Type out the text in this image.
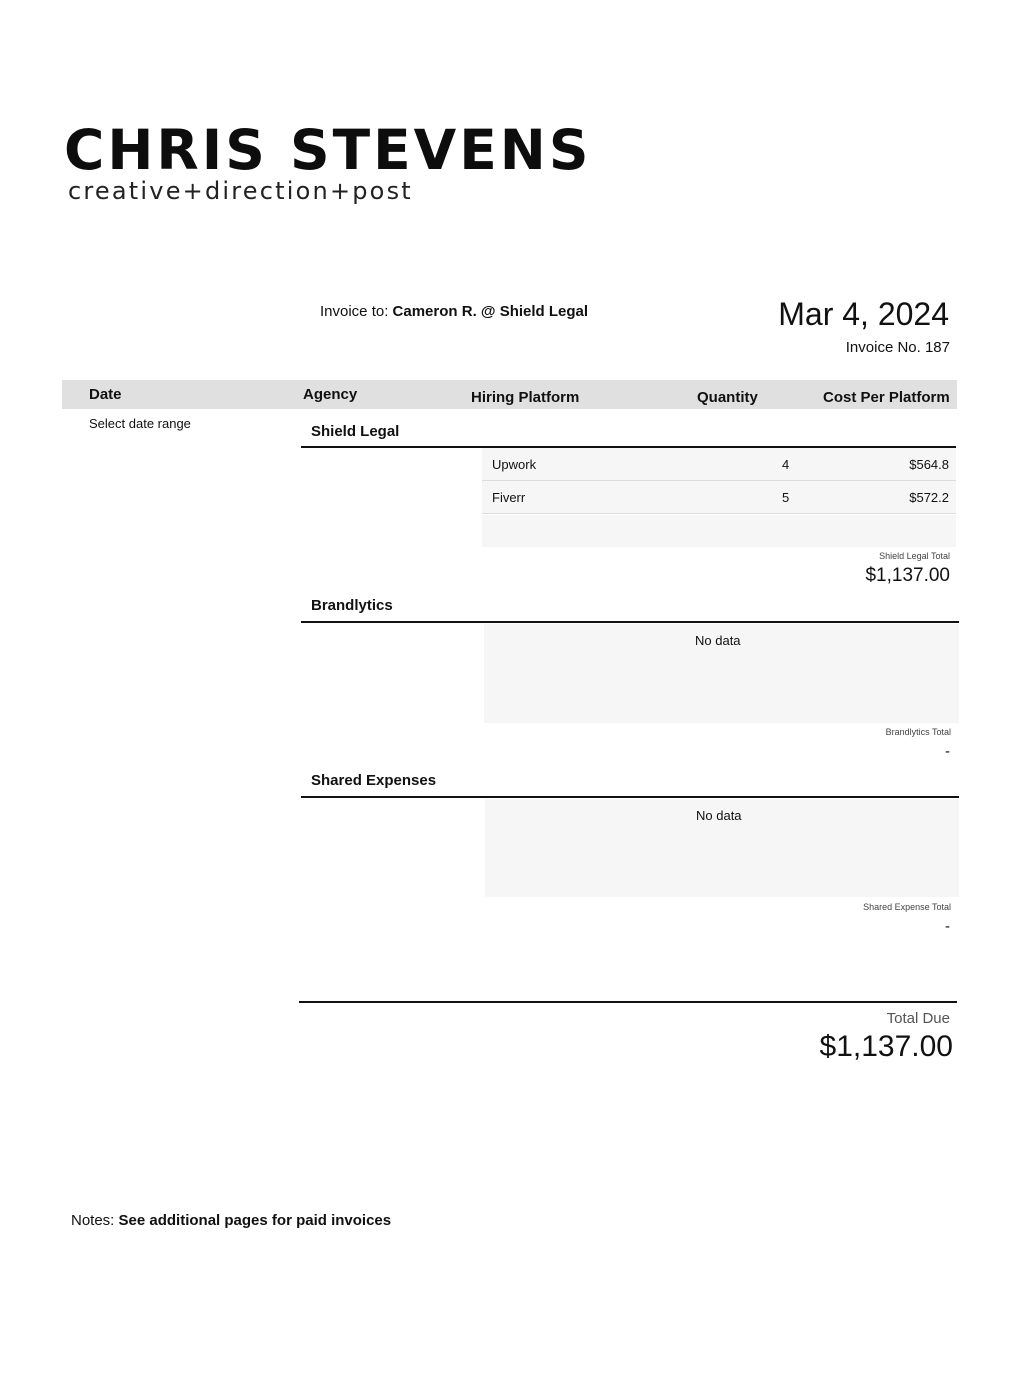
CHRIS STEVENS
creative+direction+post
Invoice to: Cameron R. @ Shield Legal	Mar 4, 2024
Invoice No. 187
Date	Agency	Hiring Platform	Quantity	Cost Per Platform
Select date range	Shield Legal
Upwork	4	$564.8
Fiverr	5	$572.2
Shield Legal Total
$1,137.00
Brandlytics
No data
Brandlytics Total
-
Shared Expenses
No data
Shared Expense Total
-
Total Due
$1,137.00
Notes: See additional pages for paid invoices
